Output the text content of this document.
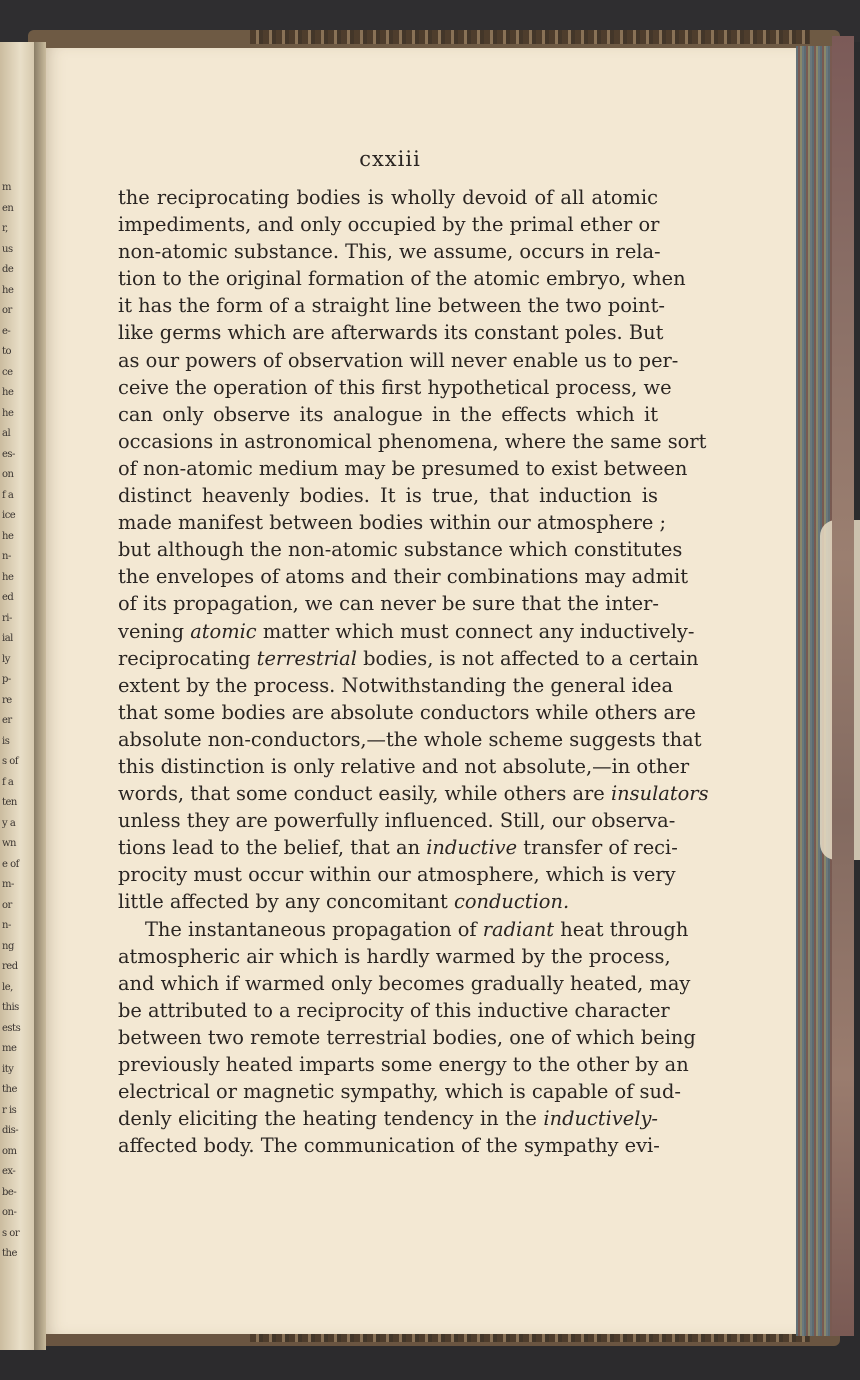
m
en
r,
us
de
he
or
e-
to
ce
he
he
al
es-
on
f a
ice
he
n-
he
ed
ri-
ial
ly
p-
re
er
is
s of
f a
ten
y a
wn
e of
m-
or
n-
ng
red
le,
this
ests
me
ity
the
r is
dis-
om
ex-
be-
on-
s or
the
cxxiii
the reciprocating bodies is wholly devoid of all atomic
impediments, and only occupied by the primal ether or
non-atomic substance. This, we assume, occurs in rela-
tion to the original formation of the atomic embryo, when
it has the form of a straight line between the two point-
like germs which are afterwards its constant poles. But
as our powers of observation will never enable us to per-
ceive the operation of this first hypothetical process, we
can only observe its analogue in the effects which it
occasions in astronomical phenomena, where the same sort
of non-atomic medium may be presumed to exist between
distinct heavenly bodies. It is true, that induction is
made manifest between bodies within our atmosphere ;
but although the non-atomic substance which constitutes
the envelopes of atoms and their combinations may admit
of its propagation, we can never be sure that the inter-
vening atomic matter which must connect any inductively-
reciprocating terrestrial bodies, is not affected to a certain
extent by the process. Notwithstanding the general idea
that some bodies are absolute conductors while others are
absolute non-conductors,—the whole scheme suggests that
this distinction is only relative and not absolute,—in other
words, that some conduct easily, while others are insulators
unless they are powerfully influenced. Still, our observa-
tions lead to the belief, that an inductive transfer of reci-
procity must occur within our atmosphere, which is very
little affected by any concomitant conduction.
The instantaneous propagation of radiant heat through
atmospheric air which is hardly warmed by the process,
and which if warmed only becomes gradually heated, may
be attributed to a reciprocity of this inductive character
between two remote terrestrial bodies, one of which being
previously heated imparts some energy to the other by an
electrical or magnetic sympathy, which is capable of sud-
denly eliciting the heating tendency in the inductively-
affected body. The communication of the sympathy evi-
